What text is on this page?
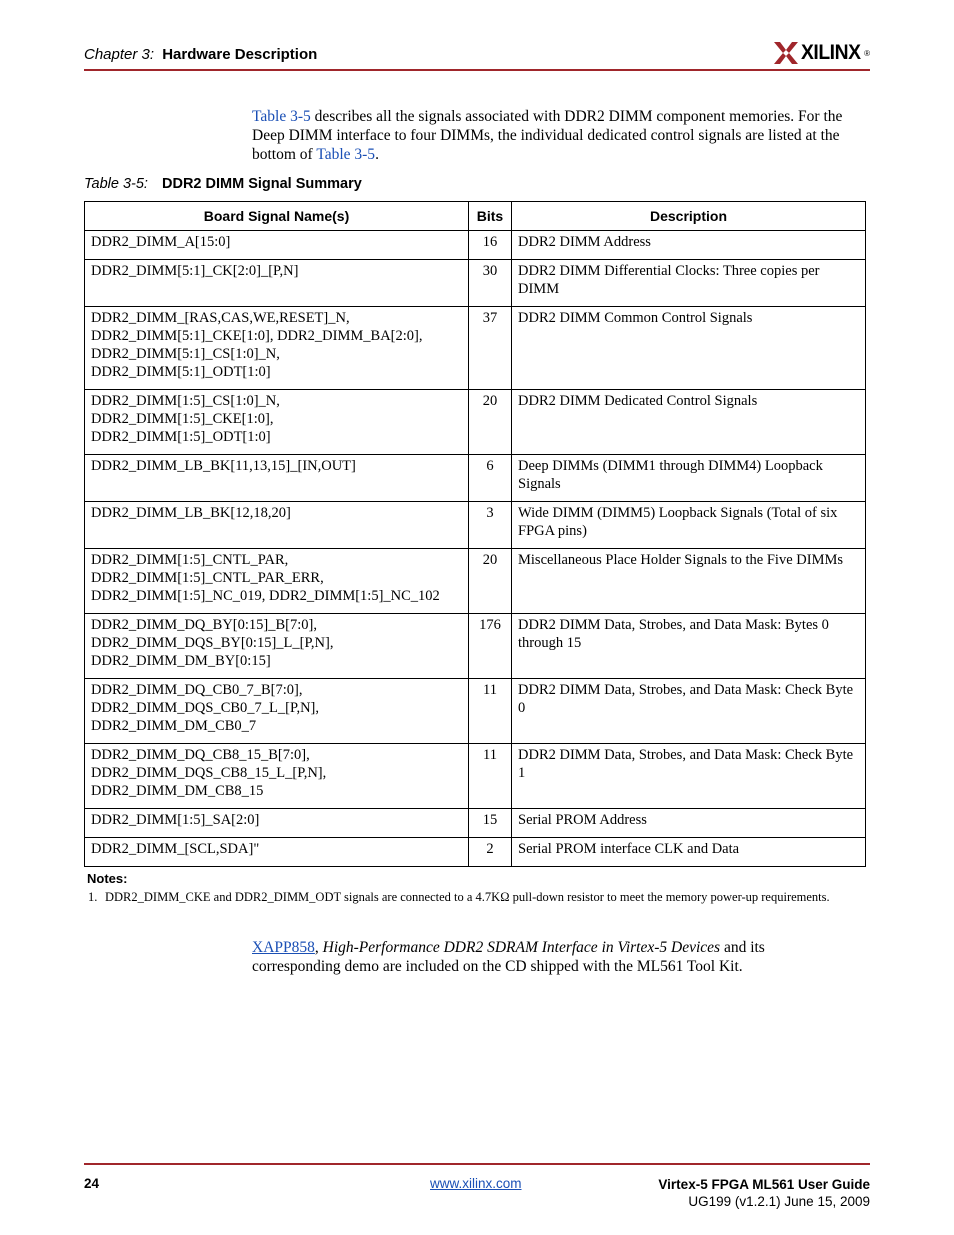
Chapter 3: Hardware Description	XILINX ®

Table 3-5 describes all the signals associated with DDR2 DIMM component memories. For the Deep DIMM interface to four DIMMs, the individual dedicated control signals are listed at the bottom of Table 3-5.

Table 3-5: DDR2 DIMM Signal Summary
Board Signal Name(s)	Bits	Description

DDR2_DIMM_A[15:0]	16	DDR2 DIMM Address

DDR2_DIMM[5:1]_CK[2:0]_[P,N]	30	DDR2 DIMM Differential Clocks: Three copies per DIMM

DDR2_DIMM_[RAS,CAS,WE,RESET]_N,
DDR2_DIMM[5:1]_CKE[1:0], DDR2_DIMM_BA[2:0],
DDR2_DIMM[5:1]_CS[1:0]_N,
DDR2_DIMM[5:1]_ODT[1:0]	37	DDR2 DIMM Common Control Signals

DDR2_DIMM[1:5]_CS[1:0]_N,
DDR2_DIMM[1:5]_CKE[1:0],
DDR2_DIMM[1:5]_ODT[1:0]	20	DDR2 DIMM Dedicated Control Signals

DDR2_DIMM_LB_BK[11,13,15]_[IN,OUT]	6	Deep DIMMs (DIMM1 through DIMM4) Loopback Signals

DDR2_DIMM_LB_BK[12,18,20]	3	Wide DIMM (DIMM5) Loopback Signals (Total of six FPGA pins)

DDR2_DIMM[1:5]_CNTL_PAR,
DDR2_DIMM[1:5]_CNTL_PAR_ERR,
DDR2_DIMM[1:5]_NC_019, DDR2_DIMM[1:5]_NC_102	20	Miscellaneous Place Holder Signals to the Five DIMMs

DDR2_DIMM_DQ_BY[0:15]_B[7:0],
DDR2_DIMM_DQS_BY[0:15]_L_[P,N],
DDR2_DIMM_DM_BY[0:15]	176	DDR2 DIMM Data, Strobes, and Data Mask: Bytes 0 through 15

DDR2_DIMM_DQ_CB0_7_B[7:0],
DDR2_DIMM_DQS_CB0_7_L_[P,N],
DDR2_DIMM_DM_CB0_7	11	DDR2 DIMM Data, Strobes, and Data Mask: Check Byte 0

DDR2_DIMM_DQ_CB8_15_B[7:0],
DDR2_DIMM_DQS_CB8_15_L_[P,N],
DDR2_DIMM_DM_CB8_15	11	DDR2 DIMM Data, Strobes, and Data Mask: Check Byte 1

DDR2_DIMM[1:5]_SA[2:0]	15	Serial PROM Address

DDR2_DIMM_[SCL,SDA]"	2	Serial PROM interface CLK and Data
Notes:
1. DDR2_DIMM_CKE and DDR2_DIMM_ODT signals are connected to a 4.7KΩ pull-down resistor to meet the memory power-up requirements.

XAPP858, High-Performance DDR2 SDRAM Interface in Virtex-5 Devices and its corresponding demo are included on the CD shipped with the ML561 Tool Kit.

24	www.xilinx.com	Virtex-5 FPGA ML561 User Guide
UG199 (v1.2.1) June 15, 2009
